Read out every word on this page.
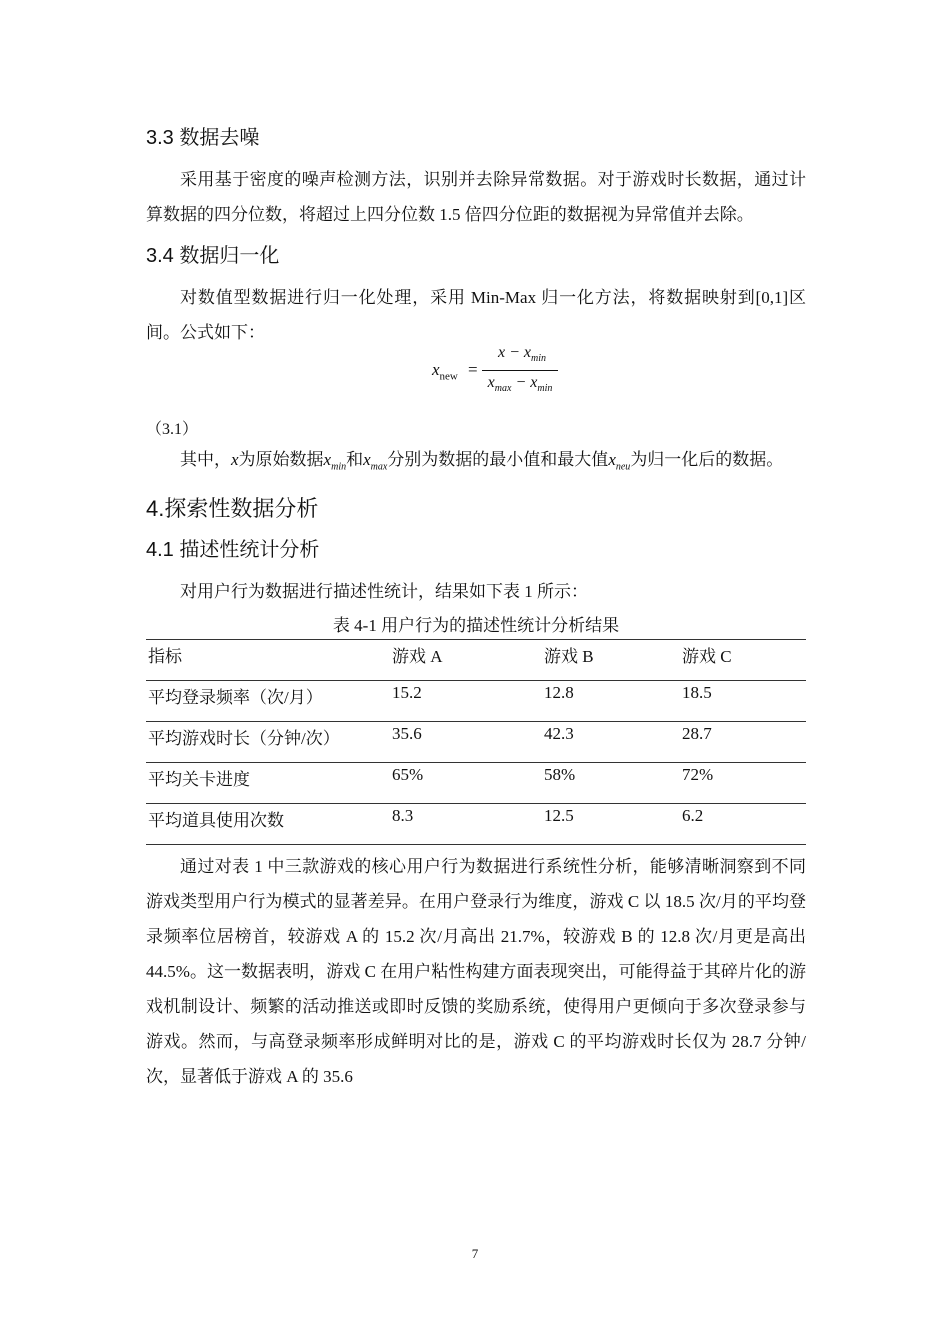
3.3 数据去噪

采用基于密度的噪声检测方法，识别并去除异常数据。对于游戏时长数据，通过计算数据的四分位数，将超过上四分位数 1.5 倍四分位距的数据视为异常值并去除。

3.4 数据归一化

对数值型数据进行归一化处理，采用 Min-Max 归一化方法，将数据映射到[0,1]区间。公式如下：

$x_{new}$ =
$x - x_{min}$
$x_{max} - x_{min}$
（3.1）

其中，x为原始数据$x_{min}$和$x_{max}$分别为数据的最小值和最大值$x_{neu}$为归一化后的数据。

4.探索性数据分析
4.1 描述性统计分析

对用户行为数据进行描述性统计，结果如下表 1 所示：

表 4-1 用户行为的描述性统计分析结果
指标	游戏 A	游戏 B	游戏 C
平均登录频率（次/月）	15.2	12.8	18.5
平均游戏时长（分钟/次）	35.6	42.3	28.7
平均关卡进度	65%	58%	72%
平均道具使用次数	8.3	12.5	6.2

通过对表 1 中三款游戏的核心用户行为数据进行系统性分析，能够清晰洞察到不同游戏类型用户行为模式的显著差异。在用户登录行为维度，游戏 C 以 18.5 次/月的平均登录频率位居榜首，较游戏 A 的 15.2 次/月高出 21.7%，较游戏 B 的 12.8 次/月更是高出 44.5%。这一数据表明，游戏 C 在用户粘性构建方面表现突出，可能得益于其碎片化的游戏机制设计、频繁的活动推送或即时反馈的奖励系统，使得用户更倾向于多次登录参与游戏。然而，与高登录频率形成鲜明对比的是，游戏 C 的平均游戏时长仅为 28.7 分钟/次，显著低于游戏 A 的 35.6

7
